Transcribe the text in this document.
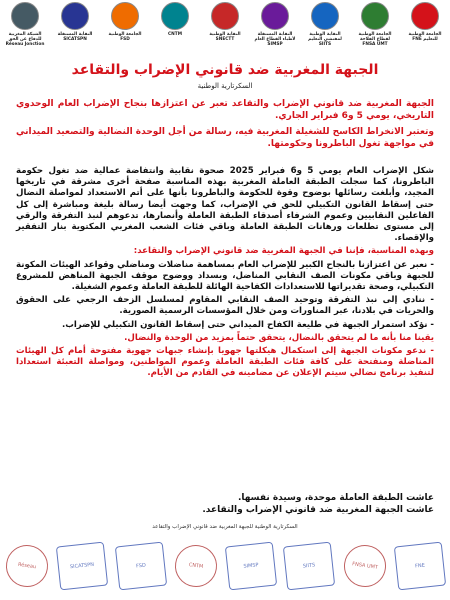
الجامعة الوطنية للتعليم FNE
الجامعة الوطنية لقطاع الفلاحة FNSA UMT
النقابة الوطنية لمفتشي التعليم SIITS
النقابة المستقلة لأطباء القطاع العام SIMSP
النقابة الوطنية SNECTT
CNTM
الجامعة الوطنية FSD
النقابة المستقلة SICATSPN
الشبكة المغربية للدفاع عن الحق Réseau Jonction
الجبهة المغربية ضد قانوني الإضراب والتقاعد
السكرتارية الوطنية

الجبهة المغربية ضد قانوني الإضراب والتقاعد تعبر عن اعتزازها بنجاح الإضراب العام الوحدوي التاريخي، يومي 5 و6 فبراير الجاري.

وتعتبر الانخراط الكاسح للشغيلة المغربية فيه، رسالة من أجل الوحدة النضالية والتصعيد الميداني في مواجهة تغول الباطرونا وحكومتها.

شكل الإضراب العام يومي 5 و6 فبراير 2025 صحوة نقابية وانتفاضة عمالية ضد تغول حكومة الباطرونا، كما سجلت الطبقة العاملة المغربية بهذه المناسبة صفحة أخرى مشرقة في تاريخها المجيد، وأبلغت رسائلها بوضوح وقوة للحكومة والباطرونا بأنها على أتم الاستعداد لمواصلة النضال حتى إسقاط القانون التكبيلي للحق في الإضراب، كما وجهت أيضا رسالة بليغة ومباشرة إلى كل الفاعلين النقابيين وعموم الشرفاء أصدقاء الطبقة العاملة وأنصارها، تدعوهم لنبذ التفرقة والرقي إلى مستوى تطلعات ورهانات الطبقة العاملة وباقي فئات الشعب المغربي المكتوية بنار التفقير والإقصاء.

وبهذه المناسبة، فإننا في الجبهة المغربية ضد قانوني الإضراب والتقاعد:

- نعبر عن اعتزازنا بالنجاح الكبير للإضراب العام بمساهمة مناضلات ومناضلي وقواعد الهيئات المكونة للجبهة وباقي مكونات الصف النقابي المناضل، وبسداد ووضوح موقف الجبهة المناهض للمشروع التكبيلي، وصحة تقديراتها للاستعدادات الكفاحية الهائلة للطبقة العاملة وعموم الشغيلة.

- ننادي إلى نبذ التفرقة وتوحيد الصف النقابي المقاوم لمسلسل الزحف الرجعي على الحقوق والحريات في بلادنا، عبر المناورات ومن خلال المؤسسات الرسمية الصورية.

- نؤكد استمرار الجبهة في طليعة الكفاح الميداني حتى إسقاط القانون التكبيلي للإضراب.

يقينا منا بأنه ما لم يتحقق بالنضال، يتحقق حتماً بمزيد من الوحدة والنضال.

- ندعو مكونات الجبهة إلى استكمال هيكلتها جهويا بإنشاء جبهات جهوية مفتوحة أمام كل الهيئات المناضلة ومنفتحة على كافة فئات الطبقة العاملة وعموم المواطنين، ومواصلة التعبئة استعدادا لتنفيذ برنامج نضالي سيتم الإعلان عن مضامينه في القادم من الأيام.

عاشت الطبقة العاملة موحدة، وسيدة نفسها.
عاشت الجبهة المغربية ضد قانوني الإضراب والتقاعد.
السكرتارية الوطنية للجبهة المغربية ضد قانوني الإضراب والتقاعد
FNE
FNSA UMT
SIITS
SIMSP
CNTM
FSD
SICATSPN
Réseau
